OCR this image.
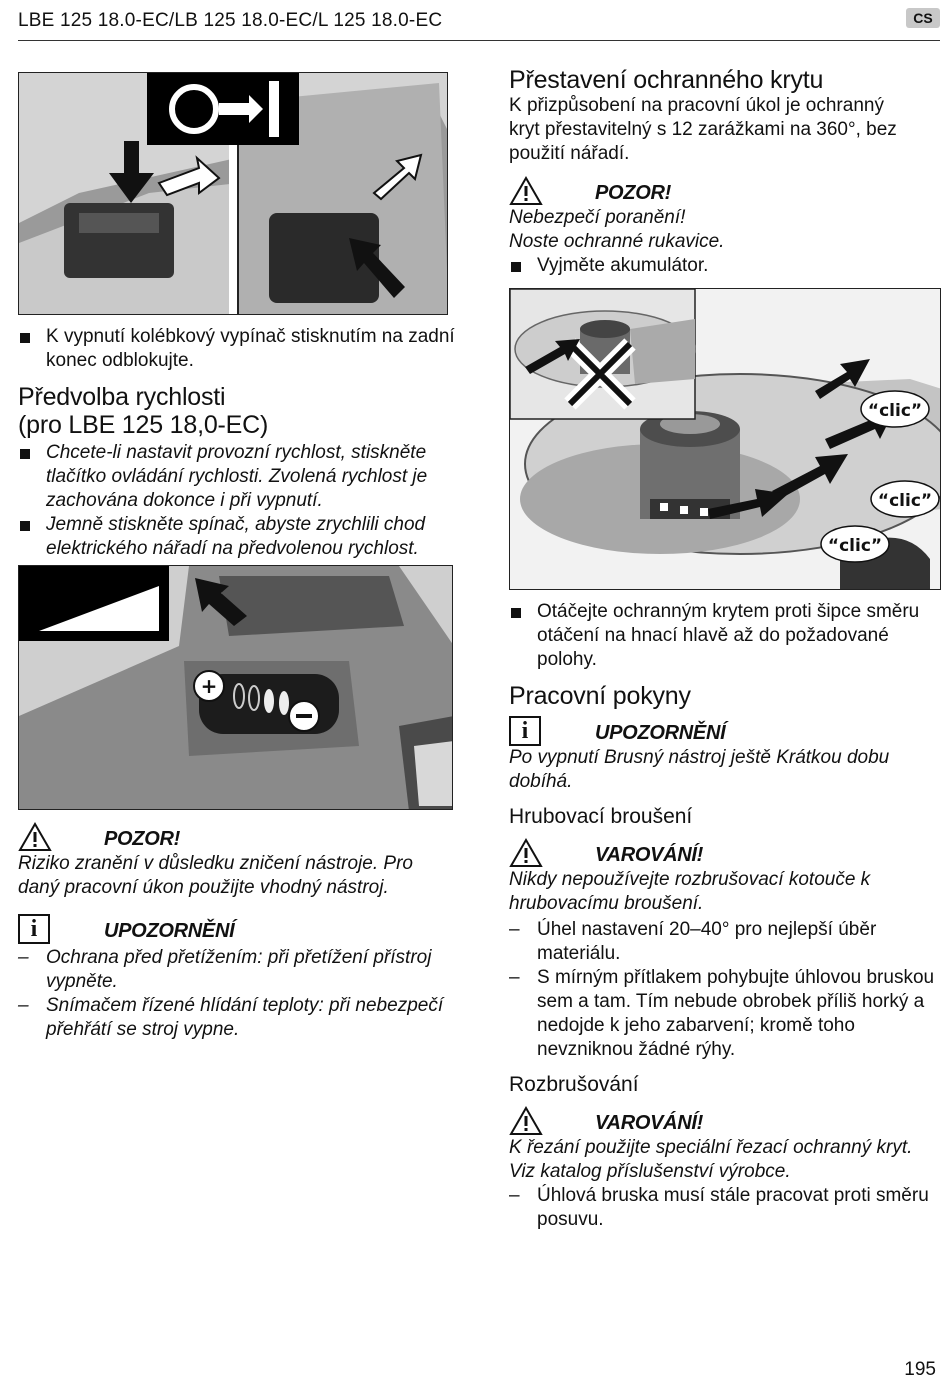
LBE 125 18.0-EC/LB 125 18.0-EC/L 125 18.0-EC	CS
K vypnutí kolébkový vypínač stisknutím na zadní konec odblokujte.
Předvolba rychlosti
(pro LBE 125 18,0-EC)
Chcete-li nastavit provozní rychlost, stiskněte tlačítko ovládání rychlosti. Zvolená rychlost je zachována dokonce i při vypnutí.
Jemně stiskněte spínač, abyste zrychlili chod elektrického nářadí na předvolenou rychlost.
+
POZOR!
Riziko zranění v důsledku zničení nástroje. Pro daný pracovní úkon použijte vhodný nástroj.
i	UPOZORNĚNÍ
– Ochrana před přetížením: při přetížení přístroj vypněte.
– Snímačem řízené hlídání teploty: při nebezpečí přehřátí se stroj vypne.
Přestavení ochranného krytu
K přizpůsobení na pracovní úkol je ochranný kryt přestavitelný s 12 zarážkami na 360°, bez použití nářadí.
POZOR!
Nebezpečí poranění!
Noste ochranné rukavice.
Vyjměte akumulátor.
“clic”
“clic”
“clic”
Otáčejte ochranným krytem proti šipce směru otáčení na hnací hlavě až do požadované polohy.
Pracovní pokyny
i	UPOZORNĚNÍ
Po vypnutí Brusný nástroj ještě Krátkou dobu dobíhá.
Hrubovací broušení
VAROVÁNÍ!
Nikdy nepoužívejte rozbrušovací kotouče k hrubovacímu broušení.
– Úhel nastavení 20–40° pro nejlepší úběr materiálu.
– S mírným přítlakem pohybujte úhlovou bruskou sem a tam. Tím nebude obrobek příliš horký a nedojde k jeho zabarvení; kromě toho nevzniknou žádné rýhy.
Rozbrušování
VAROVÁNÍ!
K řezání použijte speciální řezací ochranný kryt.
Viz katalog příslušenství výrobce.
– Úhlová bruska musí stále pracovat proti směru posuvu.
195
